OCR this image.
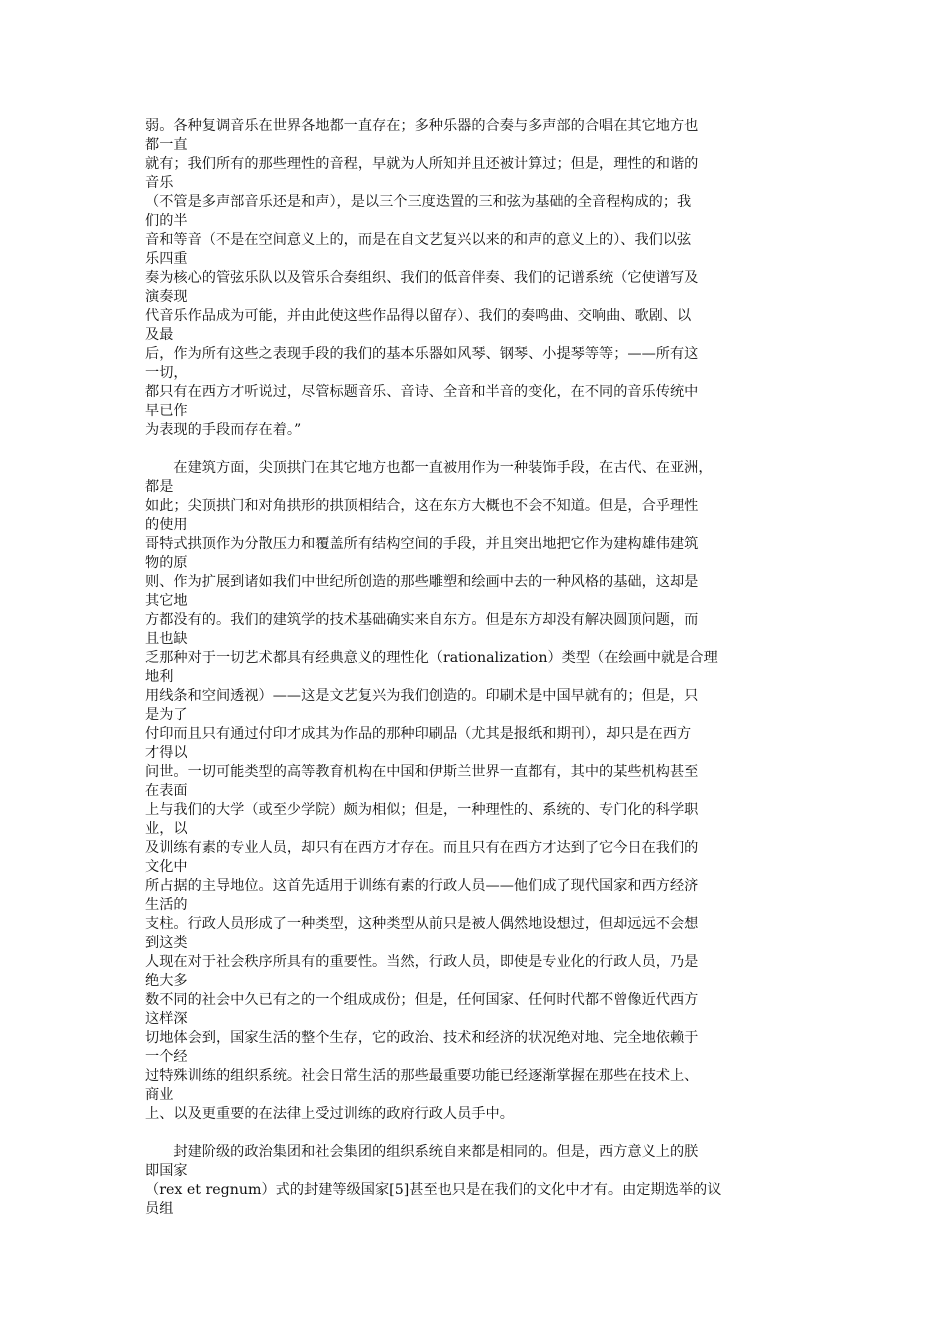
弱。各种复调音乐在世界各地都一直存在；多种乐器的合奏与多声部的合唱在其它地方也
都一直
就有；我们所有的那些理性的音程，早就为人所知并且还被计算过；但是，理性的和谐的
音乐
（不管是多声部音乐还是和声），是以三个三度迭置的三和弦为基础的全音程构成的；我
们的半
音和等音（不是在空间意义上的，而是在自文艺复兴以来的和声的意义上的）、我们以弦
乐四重
奏为核心的管弦乐队以及管乐合奏组织、我们的低音伴奏、我们的记谱系统（它使谱写及
演奏现
代音乐作品成为可能，并由此使这些作品得以留存）、我们的奏鸣曲、交响曲、歌剧、以
及最
后，作为所有这些之表现手段的我们的基本乐器如风琴、钢琴、小提琴等等；——所有这
一切，
都只有在西方才听说过，尽管标题音乐、音诗、全音和半音的变化，在不同的音乐传统中
早已作
为表现的手段而存在着。”
　　在建筑方面，尖顶拱门在其它地方也都一直被用作为一种装饰手段，在古代、在亚洲，
都是
如此；尖顶拱门和对角拱形的拱顶相结合，这在东方大概也不会不知道。但是，合乎理性
的使用
哥特式拱顶作为分散压力和覆盖所有结构空间的手段，并且突出地把它作为建构雄伟建筑
物的原
则、作为扩展到诸如我们中世纪所创造的那些雕塑和绘画中去的一种风格的基础，这却是
其它地
方都没有的。我们的建筑学的技术基础确实来自东方。但是东方却没有解决圆顶问题，而
且也缺
乏那种对于一切艺术都具有经典意义的理性化（rationalization）类型（在绘画中就是合理
地利
用线条和空间透视）——这是文艺复兴为我们创造的。印刷术是中国早就有的；但是，只
是为了
付印而且只有通过付印才成其为作品的那种印刷品（尤其是报纸和期刊），却只是在西方
才得以
问世。一切可能类型的高等教育机构在中国和伊斯兰世界一直都有，其中的某些机构甚至
在表面
上与我们的大学（或至少学院）颇为相似；但是，一种理性的、系统的、专门化的科学职
业，以
及训练有素的专业人员，却只有在西方才存在。而且只有在西方才达到了它今日在我们的
文化中
所占据的主导地位。这首先适用于训练有素的行政人员——他们成了现代国家和西方经济
生活的
支柱。行政人员形成了一种类型，这种类型从前只是被人偶然地设想过，但却远远不会想
到这类
人现在对于社会秩序所具有的重要性。当然，行政人员，即使是专业化的行政人员，乃是
绝大多
数不同的社会中久已有之的一个组成成份；但是，任何国家、任何时代都不曾像近代西方
这样深
切地体会到，国家生活的整个生存，它的政治、技术和经济的状况绝对地、完全地依赖于
一个经
过特殊训练的组织系统。社会日常生活的那些最重要功能已经逐渐掌握在那些在技术上、
商业
上、以及更重要的在法律上受过训练的政府行政人员手中。
　　封建阶级的政治集团和社会集团的组织系统自来都是相同的。但是，西方意义上的朕
即国家
（rex et regnum）式的封建等级国家[5]甚至也只是在我们的文化中才有。由定期选举的议
员组
